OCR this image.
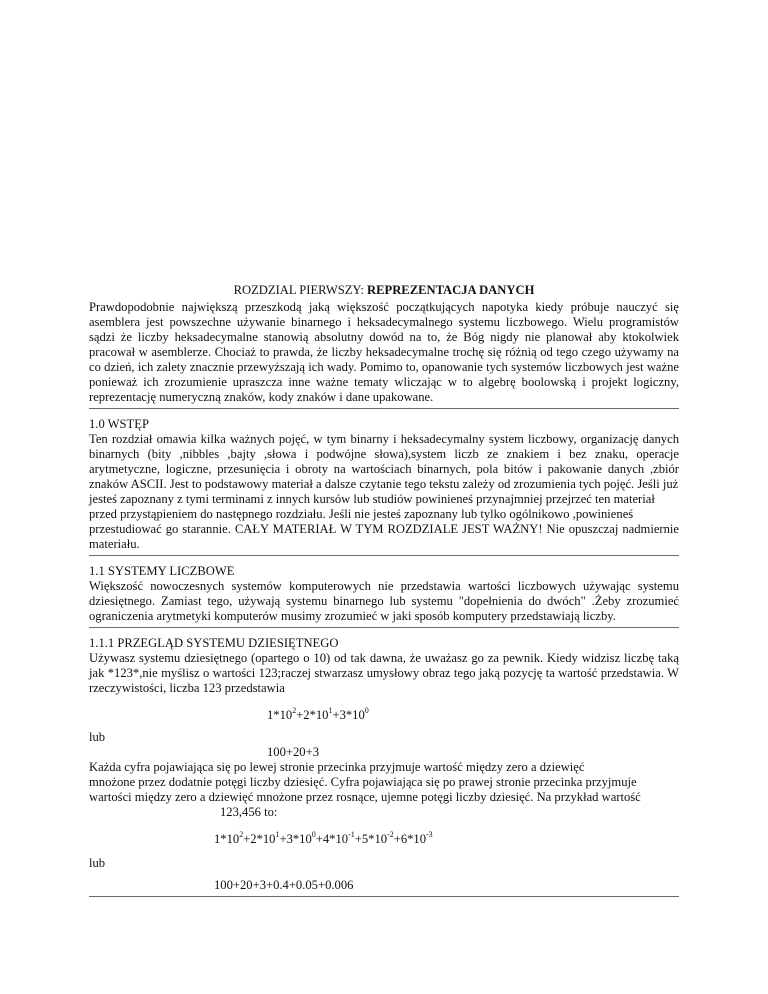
ROZDZIAL PIERWSZY: REPREZENTACJA DANYCH

Prawdopodobnie największą przeszkodą jaką większość początkujących napotyka kiedy próbuje nauczyć się asemblera jest powszechne używanie binarnego i heksadecymalnego systemu liczbowego. Wielu programistów sądzi że liczby heksadecymalne stanowią absolutny dowód na to, że Bóg nigdy nie planował aby ktokolwiek pracował w asemblerze. Chociaż to prawda, że liczby heksadecymalne trochę się różnią od tego czego używamy na co dzień, ich zalety znacznie przewyższają ich wady. Pomimo to, opanowanie tych systemów liczbowych jest ważne ponieważ ich zrozumienie upraszcza inne ważne tematy wliczając w to algebrę boolowską i projekt logiczny, reprezentację numeryczną znaków, kody znaków i dane upakowane.

1.0 WSTĘP

Ten rozdział omawia kilka ważnych pojęć, w tym binarny i heksadecymalny system liczbowy, organizację danych binarnych (bity ,nibbles ,bajty ,słowa i podwójne słowa),system liczb ze znakiem i bez znaku, operacje arytmetyczne, logiczne, przesunięcia i obroty na wartościach binarnych, pola bitów i pakowanie danych ,zbiór znaków ASCII. Jest to podstawowy materiał a dalsze czytanie tego tekstu zależy od zrozumienia tych pojęć. Jeśli już

jesteś zapoznany z tymi terminami z innych kursów lub studiów powinieneś przynajmniej przejrzeć ten materiał

przed przystąpieniem do następnego rozdziału. Jeśli nie jesteś zapoznany lub tylko ogólnikowo ,powinieneś

przestudiować go starannie. CAŁY MATERIAŁ W TYM ROZDZIALE JEST WAŻNY! Nie opuszczaj nadmiernie materiału.

1.1 SYSTEMY LICZBOWE

Większość nowoczesnych systemów komputerowych nie przedstawia wartości liczbowych używając systemu dziesiętnego. Zamiast tego, używają systemu binarnego lub systemu "dopełnienia do dwóch" .Żeby zrozumieć ograniczenia arytmetyki komputerów musimy zrozumieć w jaki sposób komputery przedstawiają liczby.

1.1.1 PRZEGLĄD SYSTEMU DZIESIĘTNEGO

Używasz systemu dziesiętnego (opartego o 10) od tak dawna, że uważasz go za pewnik. Kiedy widzisz liczbę taką jak *123*,nie myślisz o wartości 123;raczej stwarzasz umysłowy obraz tego jaką pozycję ta wartość przedstawia. W rzeczywistości, liczba 123 przedstawia

$1*10^2+2*10^1+3*10^0$

lub

100+20+3

Każda cyfra pojawiająca się po lewej stronie przecinka przyjmuje wartość między zero a dziewięć

mnożone przez dodatnie potęgi liczby dziesięć. Cyfra pojawiająca się po prawej stronie przecinka przyjmuje

wartości między zero a dziewięć mnożone przez rosnące, ujemne potęgi liczby dziesięć. Na przykład wartość

123,456 to:

$1*10^2+2*10^1+3*10^0+4*10^{-1}+5*10^{-2}+6*10^{-3}$

lub

100+20+3+0.4+0.05+0.006
